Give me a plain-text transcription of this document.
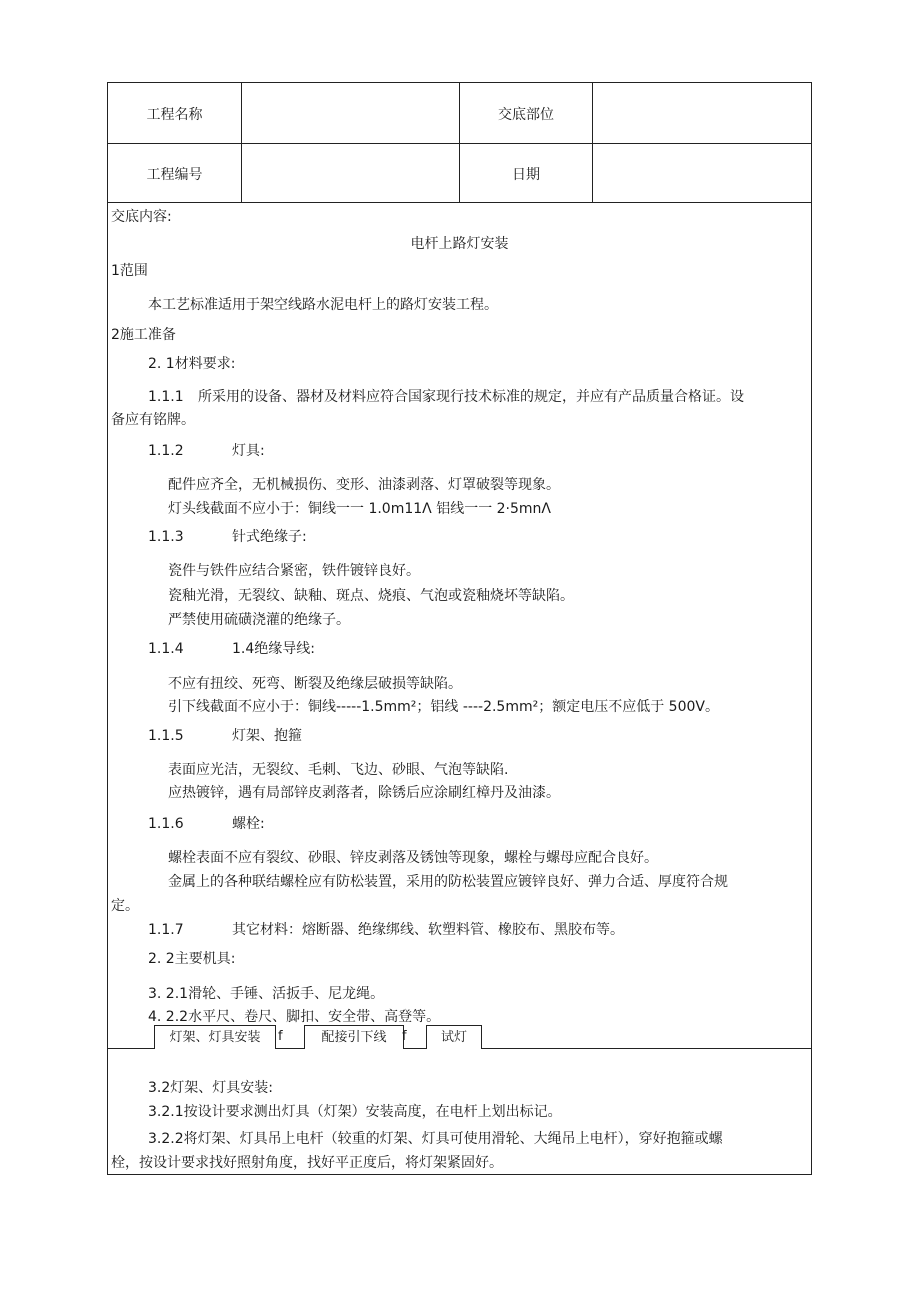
工程名称	交底部位
工程编号	日期
交底内容:
电杆上路灯安装
1范围
本工艺标准适用于架空线路水泥电杆上的路灯安装工程。
2施工准备
2. 1材料要求:
1.1.1 所采用的设备、器材及材料应符合国家现行技术标准的规定，并应有产品质量合格证。设
备应有铭牌。
1.1.2	灯具:
配件应齐全，无机械损伤、变形、油漆剥落、灯罩破裂等现象。
灯头线截面不应小于：铜线一一 1.0m11Λ 铝线一一 2·5mnΛ
1.1.3	针式绝缘子:
瓷件与铁件应结合紧密，铁件镀锌良好。
瓷釉光滑，无裂纹、缺釉、斑点、烧痕、气泡或瓷釉烧坏等缺陷。
严禁使用硫磺浇灌的绝缘子。
1.1.4	1.4绝缘导线:
不应有扭绞、死弯、断裂及绝缘层破损等缺陷。
引下线截面不应小于：铜线-----1.5mm²；铝线 ----2.5mm²；额定电压不应低于 500V。
1.1.5	灯架、抱箍
表面应光洁，无裂纹、毛刺、飞边、砂眼、气泡等缺陷.
应热镀锌，遇有局部锌皮剥落者，除锈后应涂刷红樟丹及油漆。
1.1.6	螺栓:
螺栓表面不应有裂纹、砂眼、锌皮剥落及锈蚀等现象，螺栓与螺母应配合良好。
金属上的各种联结螺栓应有防松装置，采用的防松装置应镀锌良好、弹力合适、厚度符合规
定。
1.1.7	其它材料：熔断器、绝缘绑线、软塑料管、橡胶布、黑胶布等。
2. 2主要机具:
3. 2.1滑轮、手锤、活扳手、尼龙绳。
4. 2.2水平尺、卷尺、脚扣、安全带、高登等。
灯架、灯具安装	f	配接引下线	f	试灯
3.2灯架、灯具安装:
3.2.1按设计要求测出灯具（灯架）安装高度，在电杆上划出标记。
3.2.2将灯架、灯具吊上电杆（较重的灯架、灯具可使用滑轮、大绳吊上电杆），穿好抱箍或螺
栓，按设计要求找好照射角度，找好平正度后，将灯架紧固好。
